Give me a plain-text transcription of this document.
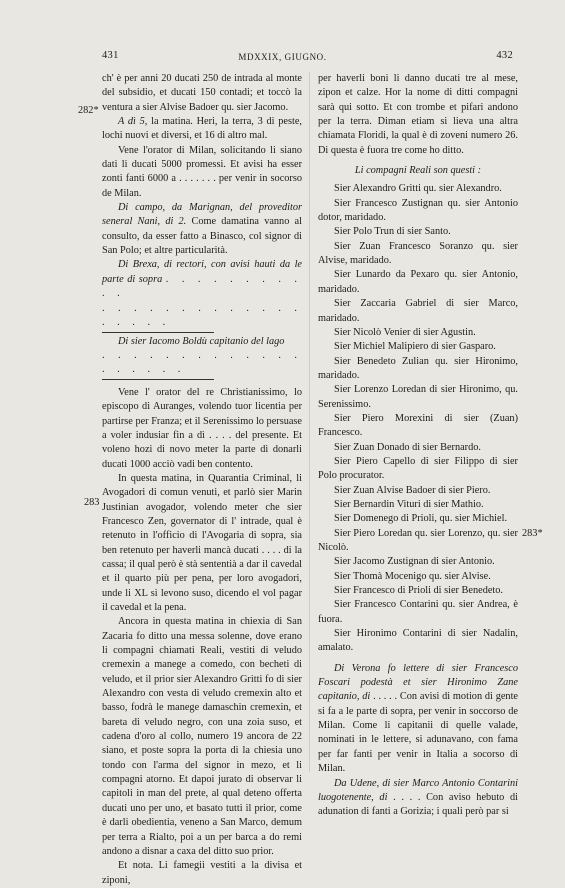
431	MDXXIX, GIUGNO.	432
282*
283
283*

ch' è per anni 20 ducati 250 de intrada al monte del subsidio, et ducati 150 contadi; et toccò la ventura a sier Alvise Badoer qu. sier Jacomo.

A dì 5, la matina. Heri, la terra, 3 di peste, lochi nuovi et diversi, et 16 di altro mal.

Vene l'orator di Milan, solicitando li siano dati li ducati 5000 promessi. Et avisi ha esser zonti fanti 6000 a . . . . . . . per venir in socorso de Milan.

Di campo, da Marignan, del proveditor seneral Nani, di 2. Come damatina vanno al consulto, da esser fatto a Binasco, col signor di San Polo; et altre particularità.

Di Brexa, di rectori, con avisi hauti da le parte di sopra . . . . . . . . . . .

. . . . . . . . . . . . . . . . . .

Di sier Iacomo Boldù capitanio del lago

. . . . . . . . . . . . . . . . . . .

Vene l' orator del re Christianissimo, lo episcopo di Auranges, volendo tuor licentia per partirse per Franza; et il Serenissimo lo persuase a voler indusiar fin a dì . . . . del presente. Et voleno hozi di novo meter la parte di donarli ducati 1000 acciò vadi ben contento.

In questa matina, in Quarantia Criminal, li Avogadori di comun venuti, et parlò sier Marin Justinian avogador, volendo meter che sier Francesco Zen, governator di l' intrade, qual è retenuto in l'officio di l'Avogaria di sopra, sia ben retenuto per haverli mancà ducati . . . . di la cassa; il qual però è stà sententià a dar il cavedal et il quarto più per pena, per loro avogadori, unde li XL si levono suso, dicendo el vol pagar il cavedal et la pena.

Ancora in questa matina in chiexia di San Zacaria fo ditto una messa solenne, dove erano li compagni chiamati Reali, vestiti di veludo cremexin a manege a comedo, con becheti di veludo, et il prior sier Alexandro Gritti fo di sier Alexandro con vesta di veludo cremexin alto et basso, fodrà le manege damaschin cremexin, et bareta di veludo negro, con una zoia suso, et cadena d'oro al collo, numero 19 ancora de 22 siano, et poste sopra la porta di la chiesia uno tondo con l'arma del signor in mezo, et li compagni atorno. Et dapoi jurato di observar li capitoli in man del prete, al qual deteno offerta ducati uno per uno, et basato tutti il prior, come è darli obedientia, veneno a San Marco, demum per terra a Rialto, poi a un per barca a do remi andono a disnar a caxa del ditto suo prior.

Et nota. Li famegii vestiti a la divisa et ziponi,

per haverli boni li danno ducati tre al mese, zipon et calze. Hor la nome di ditti compagni sarà qui sotto. Et con trombe et pifari andono per la terra. Diman etiam si lieva una altra chiamata Floridi, la qual è di zoveni numero 26. Di questa è fuora tre come ho ditto.

Li compagni Reali son questi :

Sier Alexandro Gritti qu. sier Alexandro.

Sier Francesco Zustignan qu. sier Antonio dotor, maridado.

Sier Polo Trun di sier Santo.

Sier Zuan Francesco Soranzo qu. sier Alvise, maridado.

Sier Lunardo da Pexaro qu. sier Antonio, maridado.

Sier Zaccaria Gabriel di sier Marco, maridado.

Sier Nicolò Venier di sier Agustin.

Sier Michiel Malipiero di sier Gasparo.

Sier Benedeto Zulian qu. sier Hironimo, maridado.

Sier Lorenzo Loredan di sier Hironimo, qu. Serenissimo.

Sier Piero Morexini di sier (Zuan) Francesco.

Sier Zuan Donado di sier Bernardo.

Sier Piero Capello di sier Filippo di sier Polo procurator.

Sier Zuan Alvise Badoer di sier Piero.

Sier Bernardin Vituri di sier Mathio.

Sier Domenego di Prioli, qu. sier Michiel.

Sier Piero Loredan qu. sier Lorenzo, qu. sier Nicolò.

Sier Jacomo Zustignan di sier Antonio.

Sier Thomà Mocenigo qu. sier Alvise.

Sier Francesco di Prioli di sier Benedeto.

Sier Francesco Contarini qu. sier Andrea, è fuora.

Sier Hironimo Contarini di sier Nadalin, amalato.

Di Verona fo lettere di sier Francesco Foscari podestà et sier Hironimo Zane capitanio, di . . . . . Con avisi di motion di gente si fa a le parte di sopra, per venir in soccorso de Milan. Come li capitanii di quelle valade, nominati in le lettere, si adunavano, con fama per far fanti per venir in Italia a socorso di Milan.

Da Udene, di sier Marco Antonio Contarini luogotenente, di . . . . Con aviso hebuto di adunation di fanti a Gorizia; i quali però par si
